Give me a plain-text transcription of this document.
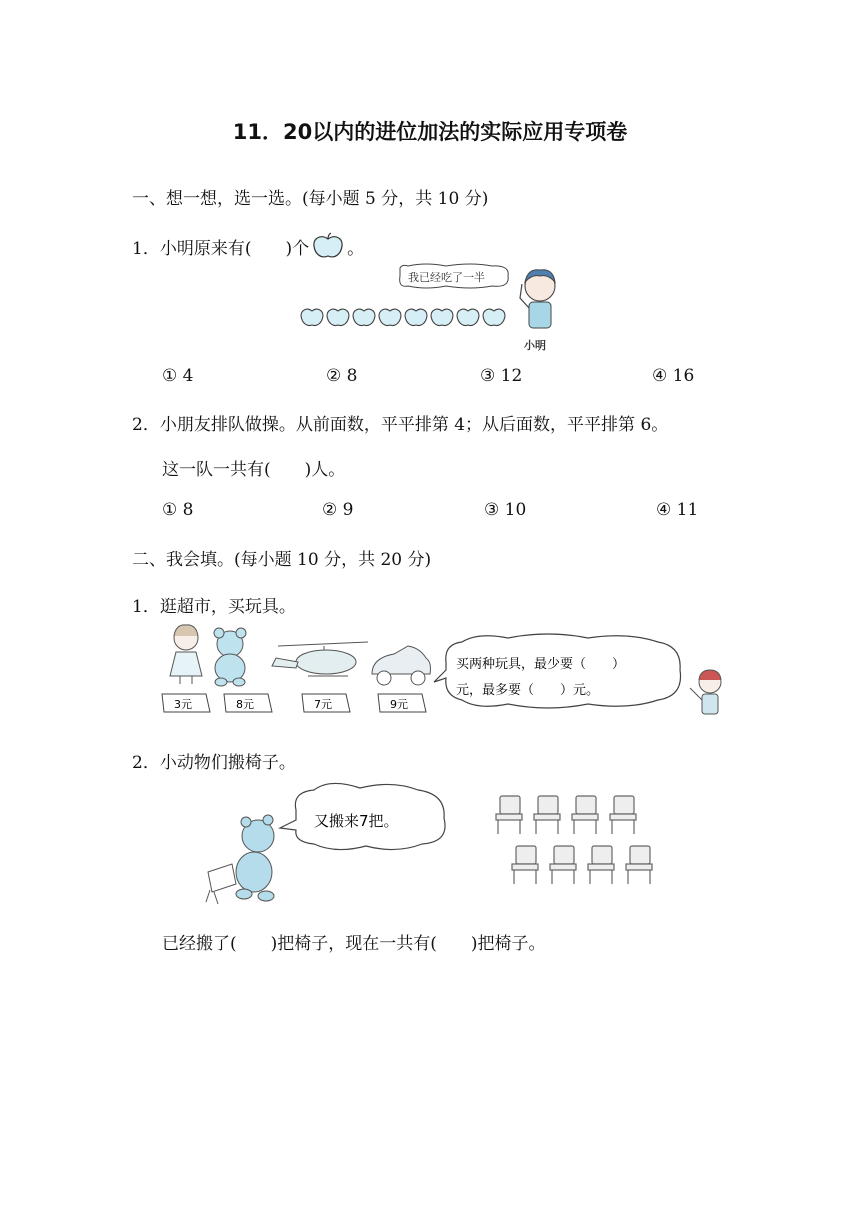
11．20以内的进位加法的实际应用专项卷
一、想一想，选一选。(每小题 5 分，共 10 分)
1．小明原来有(　　)个 。
我已经吃了一半
小明
① 4	② 8	③ 12	④ 16
2．小朋友排队做操。从前面数，平平排第 4；从后面数，平平排第 6。
这一队一共有(　　)人。
① 8	② 9	③ 10	④ 11
二、我会填。(每小题 10 分，共 20 分)
1．逛超市，买玩具。
3元	8元	7元	9元
买两种玩具，最少要（　　）
元，最多要（　　）元。
2．小动物们搬椅子。
又搬来7把。
已经搬了(　　)把椅子，现在一共有(　　)把椅子。
